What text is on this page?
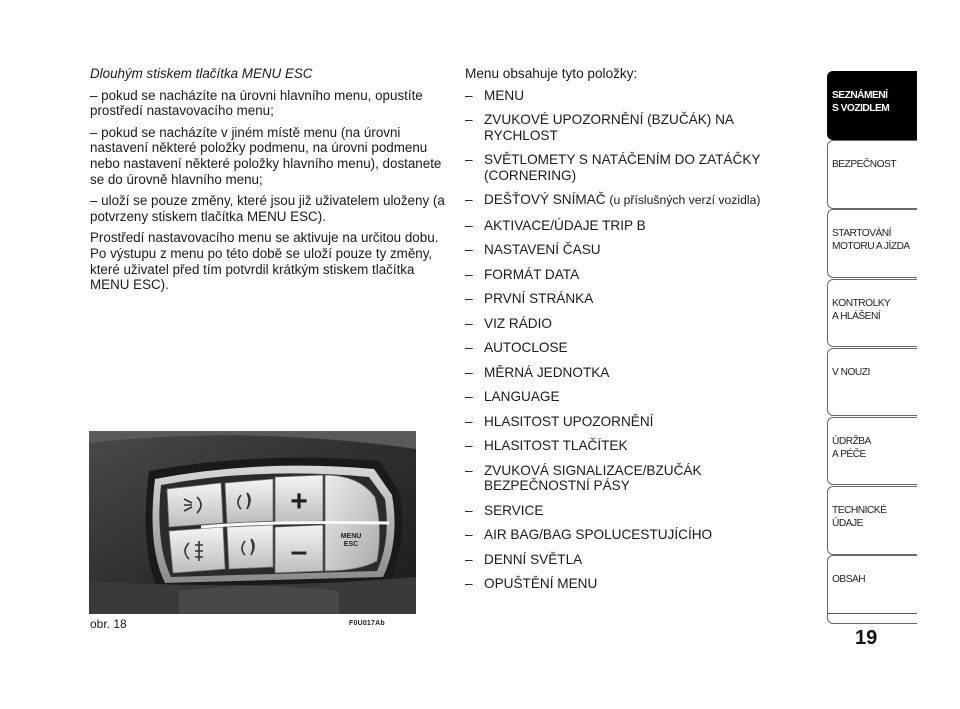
Dlouhým stiskem tlačítka MENU ESC

– pokud se nacházíte na úrovni hlavního menu, opustíte prostředí nastavovacího menu;

– pokud se nacházíte v jiném místě menu (na úrovni nastavení některé položky podmenu, na úrovni podmenu nebo nastavení některé položky hlavního menu), dostanete se do úrovně hlavního menu;

– uloží se pouze změny, které jsou již uživatelem uloženy (a potvrzeny stiskem tlačítka MENU ESC).

Prostředí nastavovacího menu se aktivuje na určitou dobu. Po výstupu z menu po této době se uloží pouze ty změny, které uživatel před tím potvrdil krátkým stiskem tlačítka MENU ESC).

Menu obsahuje tyto položky:

– MENU
– ZVUKOVÉ UPOZORNĚNÍ (BZUČÁK) NA RYCHLOST
– SVĚTLOMETY S NATÁČENÍM DO ZATÁČKY (CORNERING)
– DEŠŤOVÝ SNÍMAČ (u příslušných verzí vozidla)
– AKTIVACE/ÚDAJE TRIP B
– NASTAVENÍ ČASU
– FORMÁT DATA
– PRVNÍ STRÁNKA
– VIZ RÁDIO
– AUTOCLOSE
– MĚRNÁ JEDNOTKA
– LANGUAGE
– HLASITOST UPOZORNĚNÍ
– HLASITOST TLAČÍTEK
– ZVUKOVÁ SIGNALIZACE/BZUČÁK BEZPEČNOSTNÍ PÁSY
– SERVICE
– AIR BAG/BAG SPOLUCESTUJÍCÍHO
– DENNÍ SVĚTLA
– OPUŠTĚNÍ MENU
+
–	MENU
ESC
obr. 18	F0U017Ab
SEZNÁMENÍ
S VOZIDLEM
BEZPEČNOST
STARTOVÁNÍ
MOTORU A JÍZDA
KONTROLKY
A HLÁŠENÍ
V NOUZI
ÚDRŽBA
A PÉČE
TECHNICKÉ
ÚDAJE
OBSAH
19
